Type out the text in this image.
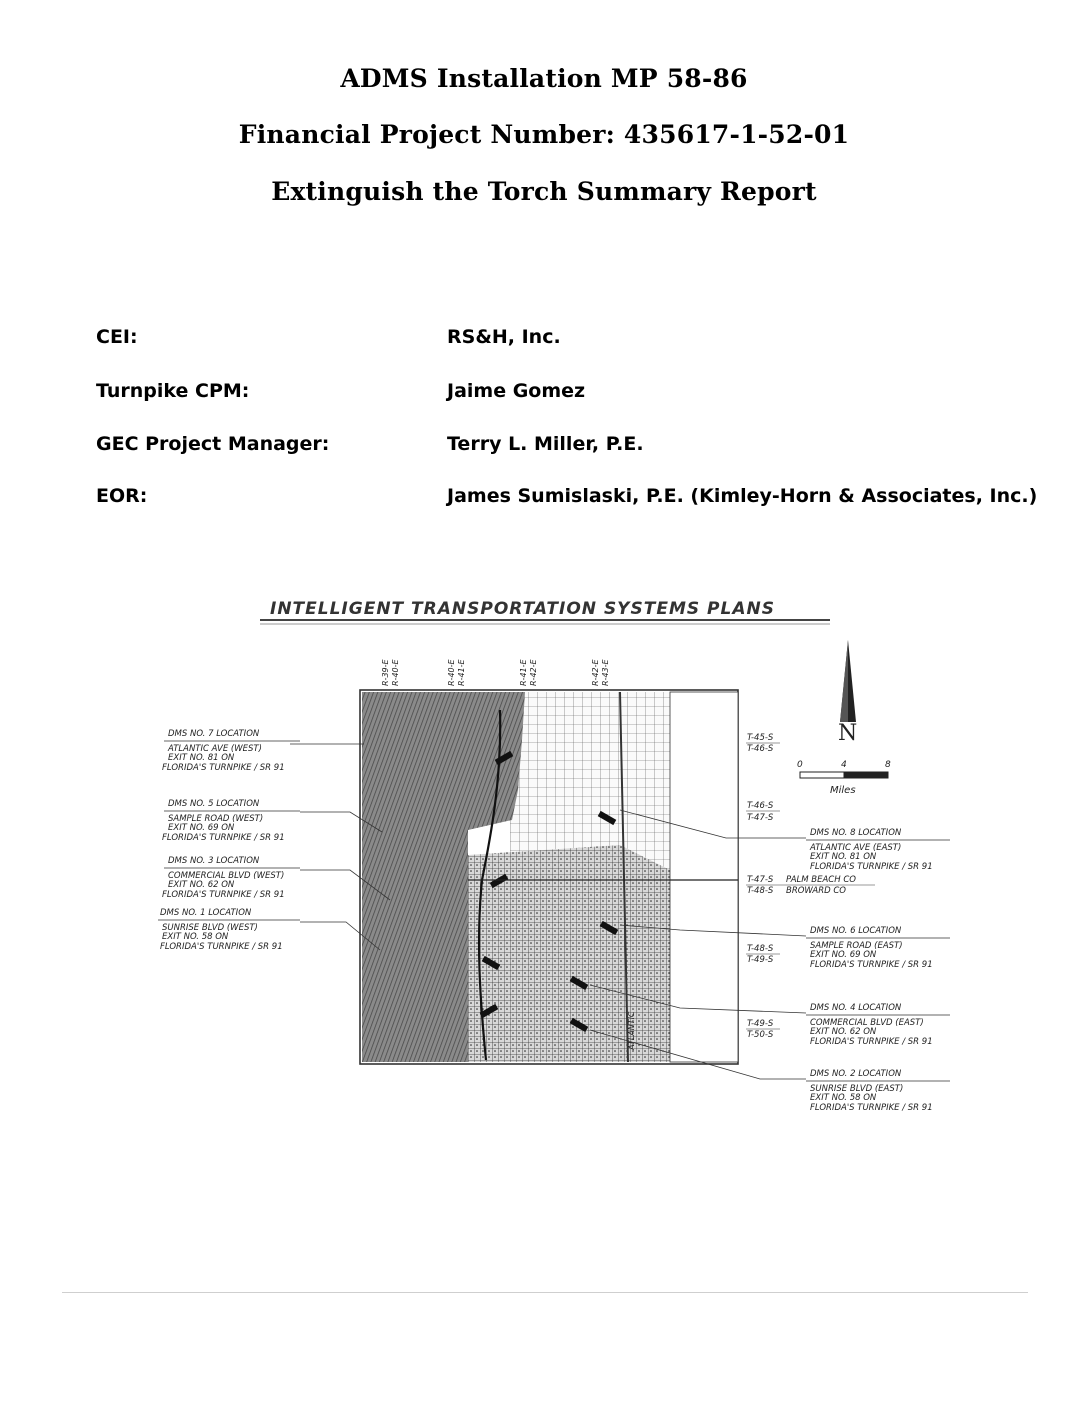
ADMS Installation MP 58-86
Financial Project Number: 435617-1-52-01
Extinguish the Torch Summary Report
CEI:	RS&H, Inc.
Turnpike CPM:	Jaime Gomez
GEC Project Manager:	Terry L. Miller, P.E.
EOR:	James Sumislaski, P.E. (Kimley-Horn & Associates, Inc.)
INTELLIGENT TRANSPORTATION SYSTEMS PLANS
R-39-E R-40-E	R-40-E R-41-E	R-41-E R-42-E	R-42-E R-43-E
ATLANTIC
N
0	4	8
Miles
DMS NO. 7 LOCATION
ATLANTIC AVE (WEST)
EXIT NO. 81 ON
FLORIDA'S TURNPIKE / SR 91
DMS NO. 5 LOCATION
SAMPLE ROAD (WEST)
EXIT NO. 69 ON
FLORIDA'S TURNPIKE / SR 91
DMS NO. 3 LOCATION
COMMERCIAL BLVD (WEST)
EXIT NO. 62 ON
FLORIDA'S TURNPIKE / SR 91
DMS NO. 1 LOCATION
SUNRISE BLVD (WEST)
EXIT NO. 58 ON
FLORIDA'S TURNPIKE / SR 91
T-45-S
T-46-S
T-46-S
T-47-S
T-47-S PALM BEACH CO
T-48-S BROWARD CO
T-48-S
T-49-S
T-49-S
T-50-S
DMS NO. 8 LOCATION
ATLANTIC AVE (EAST)
EXIT NO. 81 ON
FLORIDA'S TURNPIKE / SR 91
DMS NO. 6 LOCATION
SAMPLE ROAD (EAST)
EXIT NO. 69 ON
FLORIDA'S TURNPIKE / SR 91
DMS NO. 4 LOCATION
COMMERCIAL BLVD (EAST)
EXIT NO. 62 ON
FLORIDA'S TURNPIKE / SR 91
DMS NO. 2 LOCATION
SUNRISE BLVD (EAST)
EXIT NO. 58 ON
FLORIDA'S TURNPIKE / SR 91
